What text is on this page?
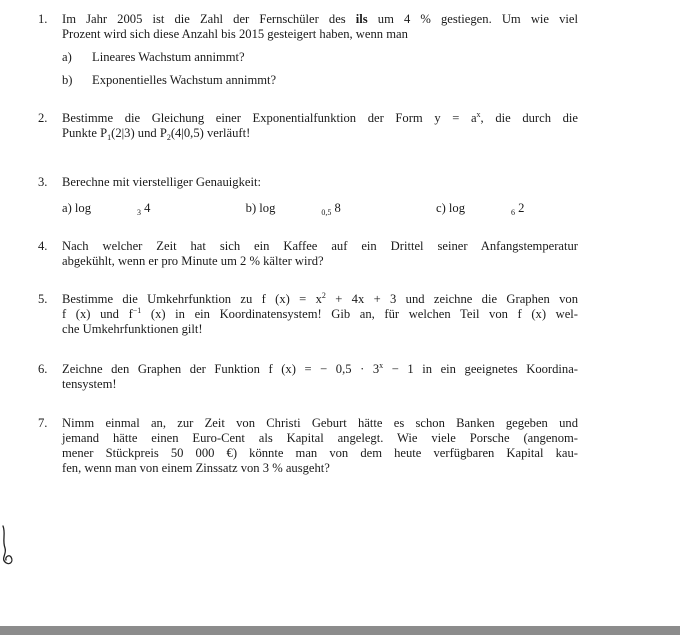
1.	Im Jahr 2005 ist die Zahl der Fernschüler des ils um 4 % gestiegen. Um wie viel
Prozent wird sich diese Anzahl bis 2015 gesteigert haben, wenn man
a) Lineares Wachstum annimmt?
b) Exponentielles Wachstum annimmt?
2.	Bestimme die Gleichung einer Exponentialfunktion der Form $y = a^x$, die durch die
Punkte $P_1(2|3)$ und $P_2(4|0,5)$ verläuft!
3.	Berechne mit vierstelliger Genauigkeit:
a) log	$_3$ 4	b) log	$_{0,5}$ 8	c) log	$_6$ 2
4.	Nach welcher Zeit hat sich ein Kaffee auf ein Drittel seiner Anfangstemperatur
abgekühlt, wenn er pro Minute um 2 % kälter wird?
5.	Bestimme die Umkehrfunktion zu f $(x) = x^2 + 4x + 3$ und zeichne die Graphen von
f (x) und $f^{-1}$ (x) in ein Koordinatensystem! Gib an, für welchen Teil von f (x) wel-
che Umkehrfunktionen gilt!
6.	Zeichne den Graphen der Funktion f (x) = − $0,5 \cdot 3^x - 1$ in ein geeignetes Koordina-
tensystem!
7.	Nimm einmal an, zur Zeit von Christi Geburt hätte es schon Banken gegeben und
jemand hätte einen Euro-Cent als Kapital angelegt. Wie viele Porsche (angenom-
mener Stückpreis 50 000 €) könnte man von dem heute verfügbaren Kapital kau-
fen, wenn man von einem Zinssatz von 3 % ausgeht?
